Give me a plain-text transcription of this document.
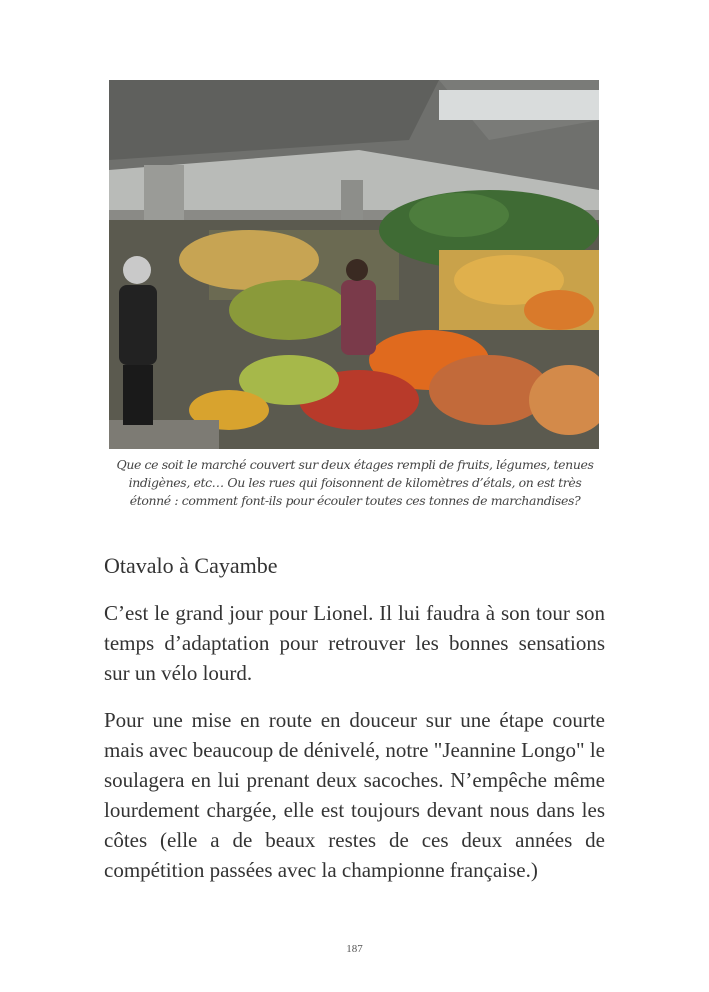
Que ce soit le marché couvert sur deux étages rempli de fruits, légumes, tenues indigènes, etc… Ou les rues qui foisonnent de kilomètres d’étals, on est très étonné : comment font-ils pour écouler toutes ces tonnes de marchandises?
Otavalo à Cayambe

C’est le grand jour pour Lionel. Il lui faudra à son tour son temps d’adaptation pour retrouver les bonnes sensations sur un vélo lourd.

Pour une mise en route en douceur sur une étape courte mais avec beaucoup de dénivelé, notre "Jeannine Longo" le soulagera en lui prenant deux sacoches. N’empêche même lourdement chargée, elle est toujours devant nous dans les côtes (elle a de beaux restes de ces deux années de compétition passées avec la championne française.)

187
